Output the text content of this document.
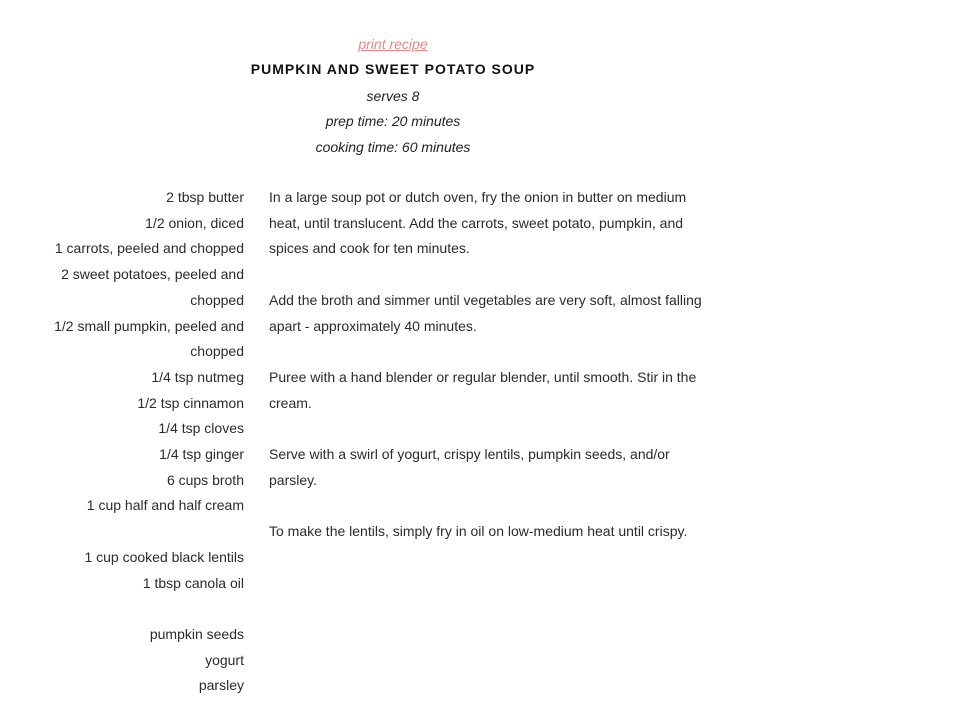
print recipe
PUMPKIN AND SWEET POTATO SOUP
serves 8
prep time: 20 minutes
cooking time: 60 minutes
2 tbsp butter
1/2 onion, diced
1 carrots, peeled and chopped
2 sweet potatoes, peeled and chopped
1/2 small pumpkin, peeled and chopped
1/4 tsp nutmeg
1/2 tsp cinnamon
1/4 tsp cloves
1/4 tsp ginger
6 cups broth
1 cup half and half cream
1 cup cooked black lentils
1 tbsp canola oil
pumpkin seeds
yogurt
parsley

In a large soup pot or dutch oven, fry the onion in butter on medium heat, until translucent. Add the carrots, sweet potato, pumpkin, and spices and cook for ten minutes.

Add the broth and simmer until vegetables are very soft, almost falling apart - approximately 40 minutes.

Puree with a hand blender or regular blender, until smooth. Stir in the cream.

Serve with a swirl of yogurt, crispy lentils, pumpkin seeds, and/or parsley.

To make the lentils, simply fry in oil on low-medium heat until crispy.
